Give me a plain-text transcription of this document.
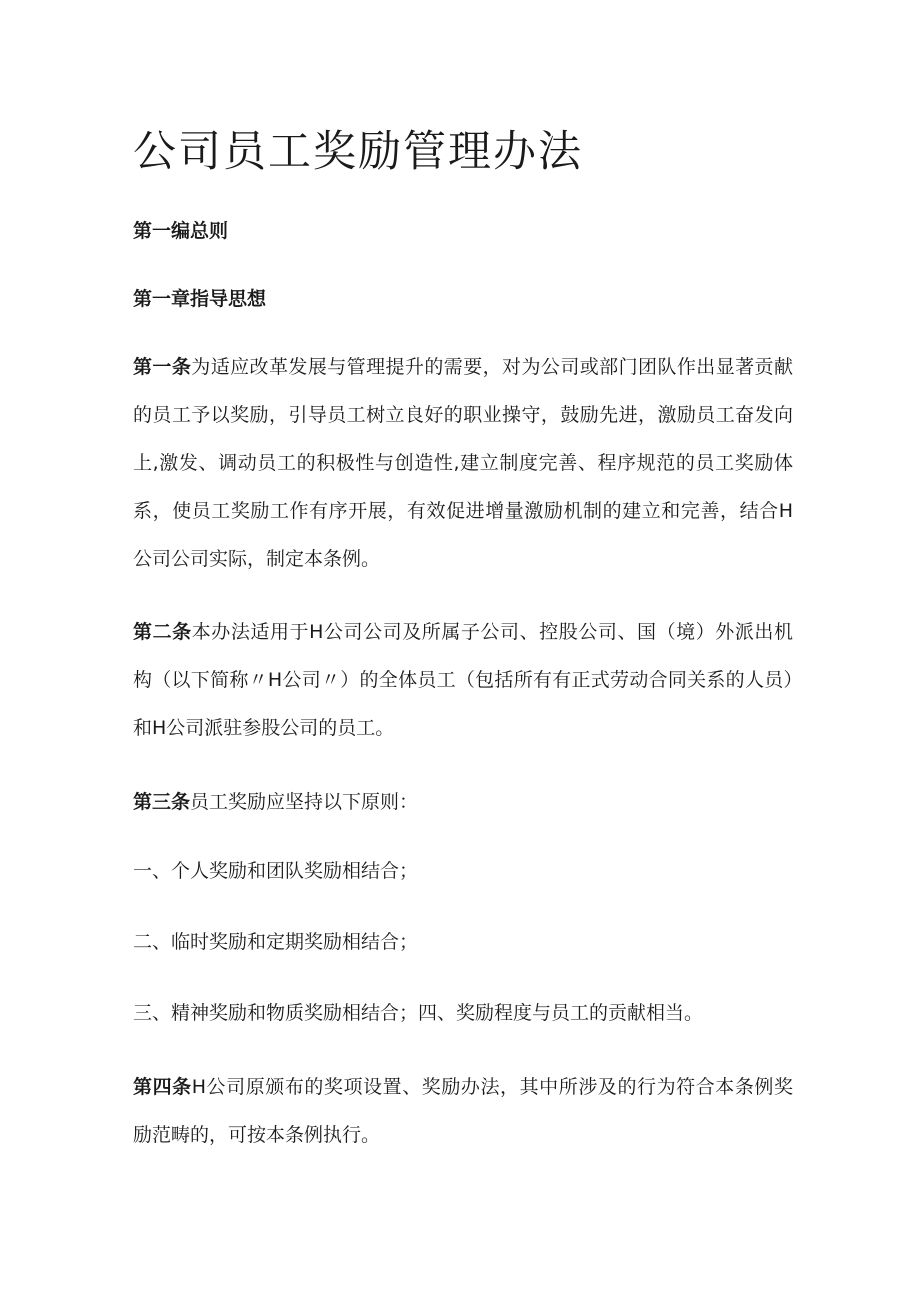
公司员工奖励管理办法
第一编总则
第一章指导思想

第一条为适应改革发展与管理提升的需要，对为公司或部门团队作出显著贡献的员工予以奖励，引导员工树立良好的职业操守，鼓励先进，激励员工奋发向上,激发、调动员工的积极性与创造性,建立制度完善、程序规范的员工奖励体系，使员工奖励工作有序开展，有效促进增量激励机制的建立和完善，结合H公司公司实际，制定本条例。

第二条本办法适用于H公司公司及所属子公司、控股公司、国（境）外派出机构（以下简称〃H公司〃）的全体员工（包括所有有正式劳动合同关系的人员）和H公司派驻参股公司的员工。

第三条员工奖励应坚持以下原则：

一、个人奖励和团队奖励相结合；

二、临时奖励和定期奖励相结合；

三、精神奖励和物质奖励相结合；四、奖励程度与员工的贡献相当。

第四条H公司原颁布的奖项设置、奖励办法，其中所涉及的行为符合本条例奖励范畴的，可按本条例执行。
